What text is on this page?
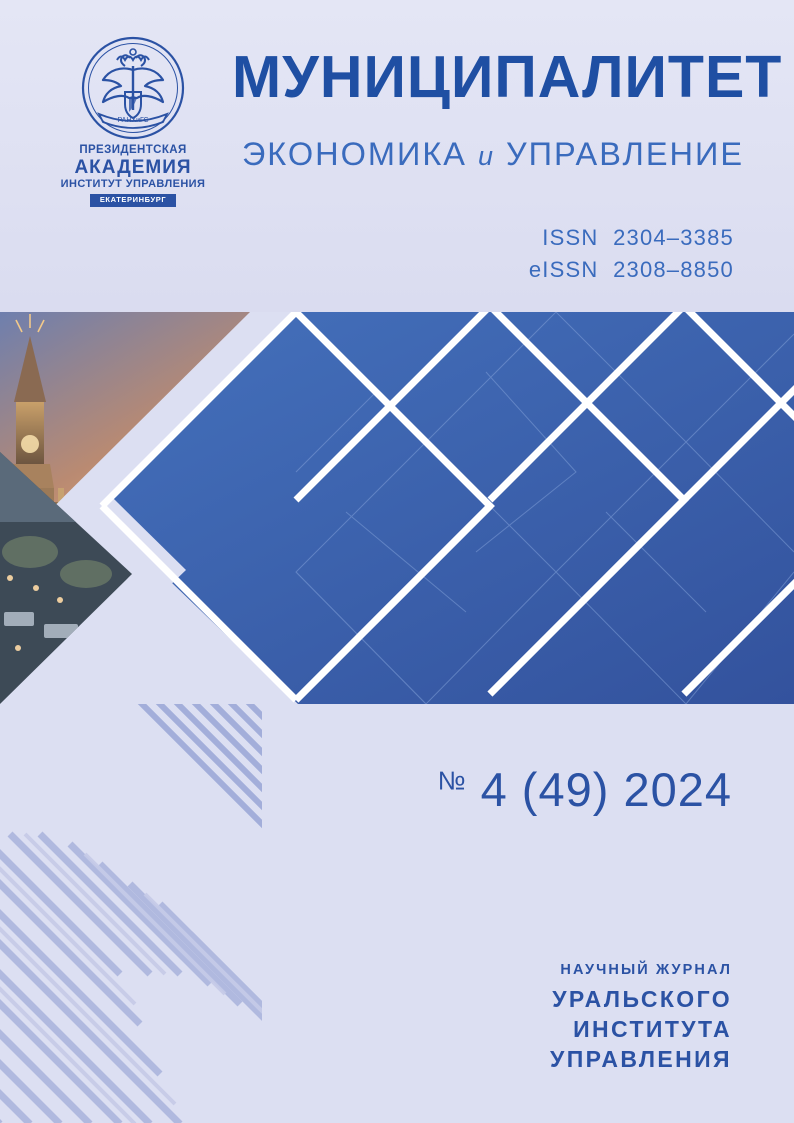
РАНХиГС
ПРЕЗИДЕНТСКАЯ
АКАДЕМИЯ
ИНСТИТУТ УПРАВЛЕНИЯ
ЕКАТЕРИНБУРГ
МУНИЦИПАЛИТЕТ
ЭКОНОМИКА и УПРАВЛЕНИЕ
ISSN  2304–3385
eISSN  2308–8850
№ 4 (49) 2024
НАУЧНЫЙ ЖУРНАЛ
УРАЛЬСКОГО
ИНСТИТУТА
УПРАВЛЕНИЯ
